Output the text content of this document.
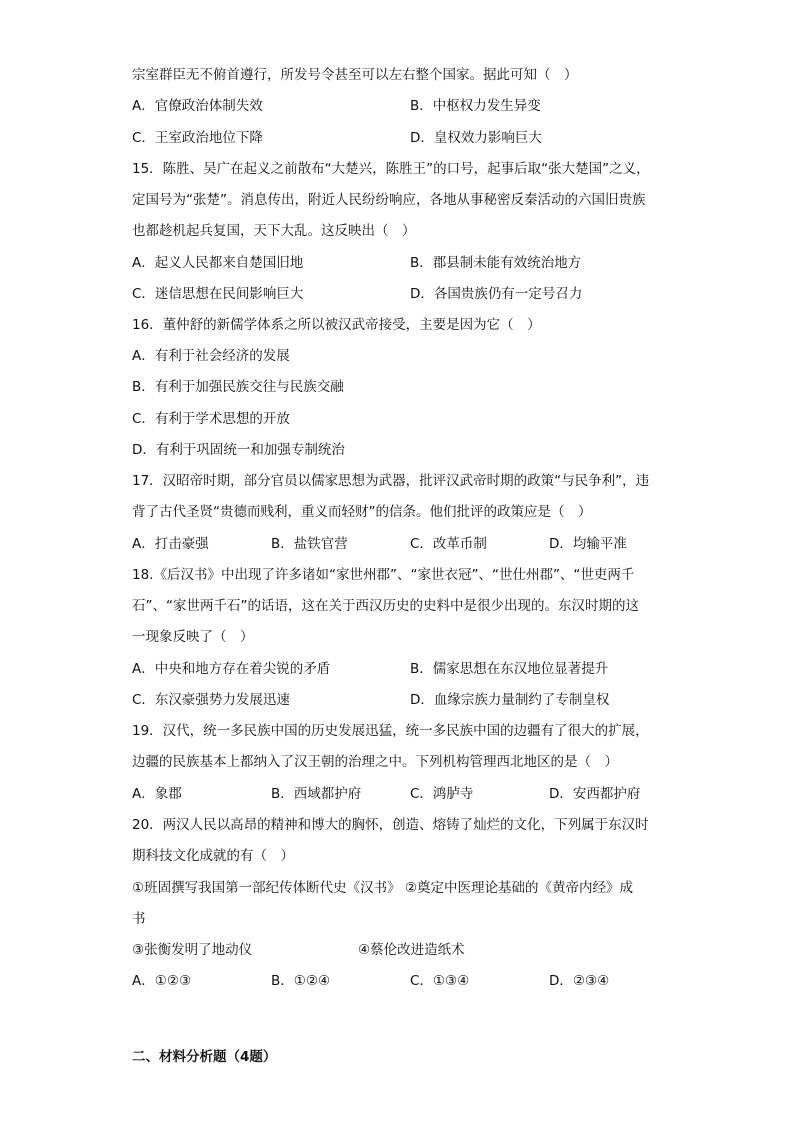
宗室群臣无不俯首遵行，所发号令甚至可以左右整个国家。据此可知（　）
A．官僚政治体制失效	B．中枢权力发生异变
C．王室政治地位下降	D．皇权效力影响巨大
15．陈胜、吴广在起义之前散布“大楚兴，陈胜王”的口号，起事后取“张大楚国”之义，
定国号为“张楚”。消息传出，附近人民纷纷响应，各地从事秘密反秦活动的六国旧贵族
也都趁机起兵复国，天下大乱。这反映出（　）
A．起义人民都来自楚国旧地	B．郡县制未能有效统治地方
C．迷信思想在民间影响巨大	D．各国贵族仍有一定号召力
16．董仲舒的新儒学体系之所以被汉武帝接受，主要是因为它（　）
A．有利于社会经济的发展
B．有利于加强民族交往与民族交融
C．有利于学术思想的开放
D．有利于巩固统一和加强专制统治
17．汉昭帝时期，部分官员以儒家思想为武器，批评汉武帝时期的政策“与民争利”，违
背了古代圣贤“贵德而贱利，重义而轻财”的信条。他们批评的政策应是（　）
A．打击豪强	B．盐铁官营	C．改革币制	D．均输平准
18.《后汉书》中出现了许多诸如“家世州郡”、“家世衣冠”、“世仕州郡”、“世吏两千
石”、“家世两千石”的话语，这在关于西汉历史的史料中是很少出现的。东汉时期的这
一现象反映了（　）
A．中央和地方存在着尖锐的矛盾	B．儒家思想在东汉地位显著提升
C．东汉豪强势力发展迅速	D．血缘宗族力量制约了专制皇权
19．汉代，统一多民族中国的历史发展迅猛，统一多民族中国的边疆有了很大的扩展，
边疆的民族基本上都纳入了汉王朝的治理之中。下列机构管理西北地区的是（　）
A．象郡	B．西域都护府	C．鸿胪寺	D．安西都护府
20．两汉人民以高昂的精神和博大的胸怀，创造、熔铸了灿烂的文化，下列属于东汉时
期科技文化成就的有（　）
①班固撰写我国第一部纪传体断代史《汉书》 ②奠定中医理论基础的《黄帝内经》成
书
③张衡发明了地动仪	④蔡伦改进造纸术
A．①②③	B．①②④	C．①③④	D．②③④
二、材料分析题（4题）
